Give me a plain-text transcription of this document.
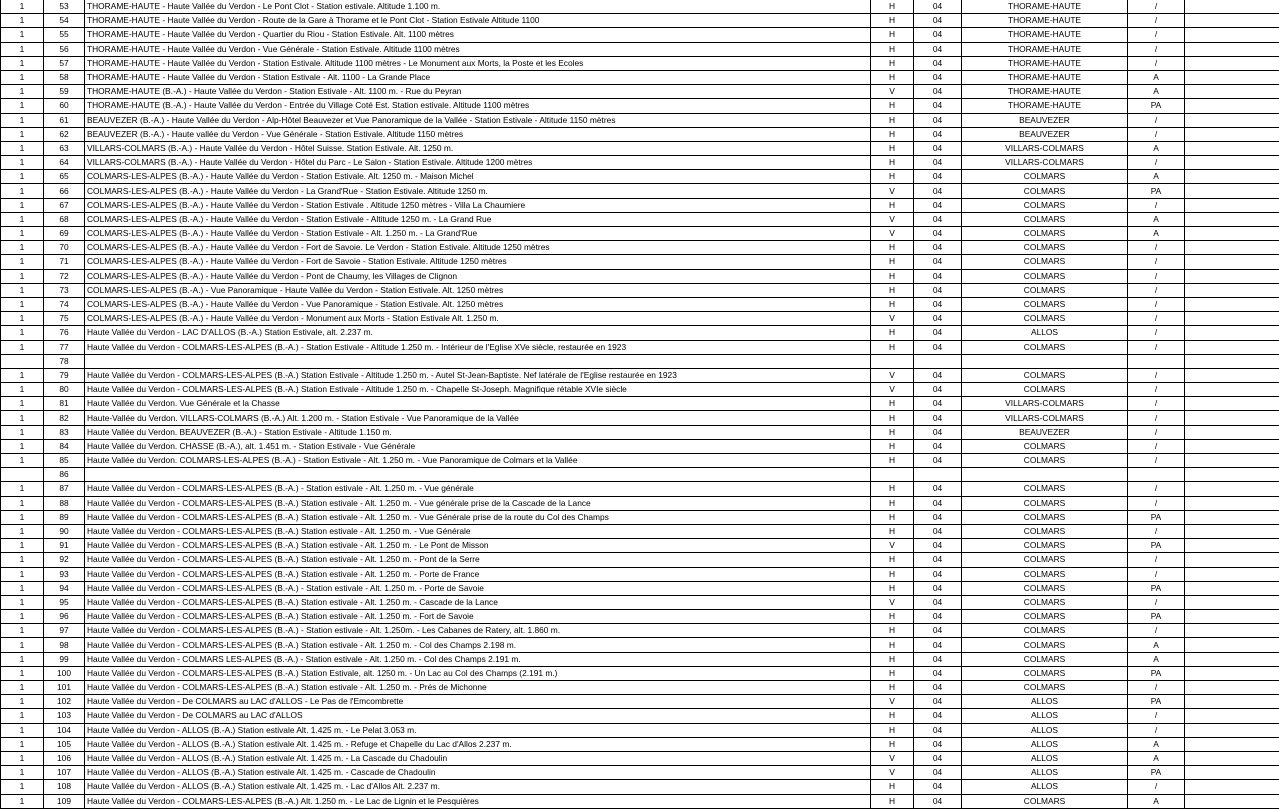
1	53	THORAME-HAUTE - Haute Vallée du Verdon - Le Pont Clot - Station estivale. Altitude 1.100 m.	H	04	THORAME-HAUTE	/	
1	54	THORAME-HAUTE - Haute Vallée du Verdon - Route de la Gare à Thorame et le Pont Clot - Station Estivale Altitude 1100	H	04	THORAME-HAUTE	/	
1	55	THORAME-HAUTE - Haute Vallée du Verdon - Quartier du Riou - Station Estivale. Alt. 1100 mètres	H	04	THORAME-HAUTE	/	
1	56	THORAME-HAUTE - Haute Vallée du Verdon - Vue Générale - Station Estivale. Altitude 1100 mètres	H	04	THORAME-HAUTE	/	
1	57	THORAME-HAUTE - Haute Vallée du Verdon - Station Estivale. Altitude 1100 mètres - Le Monument aux Morts, la Poste et les Ecoles	H	04	THORAME-HAUTE	/	
1	58	THORAME-HAUTE - Haute Vallée du Verdon - Station Estivale - Alt. 1100 - La Grande Place	H	04	THORAME-HAUTE	A	
1	59	THORAME-HAUTE (B.-A.) - Haute Vallée du Verdon - Station Estivale - Alt. 1100 m. - Rue du Peyran	V	04	THORAME-HAUTE	A	
1	60	THORAME-HAUTE (B.-A.) - Haute Vallée du Verdon - Entrée du Village Coté Est. Station estivale. Altitude 1100 mètres	H	04	THORAME-HAUTE	PA	
1	61	BEAUVEZER (B.-A.) - Haute Vallée du Verdon - Alp-Hôtel Beauvezer et Vue Panoramique de la Vallée - Station Estivale - Altitude 1150 mètres	H	04	BEAUVEZER	/	
1	62	BEAUVEZER (B.-A.) - Haute vallée du Verdon - Vue Générale - Station Estivale. Altitude 1150 mètres	H	04	BEAUVEZER	/	
1	63	VILLARS-COLMARS (B.-A.) - Haute Vallée du Verdon - Hôtel Suisse. Station Estivale. Alt. 1250 m.	H	04	VILLARS-COLMARS	A	
1	64	VILLARS-COLMARS (B.-A.) - Haute Vallée du Verdon - Hôtel du Parc - Le Salon - Station Estivale. Altitude 1200 mètres	H	04	VILLARS-COLMARS	/	
1	65	COLMARS-LES-ALPES (B.-A.) - Haute Vallée du Verdon - Station Estivale. Alt. 1250 m. - Maison Michel	H	04	COLMARS	A	
1	66	COLMARS-LES-ALPES (B.-A.) - Haute Vallée du Verdon - La Grand'Rue - Station Estivale. Altitude 1250 m.	V	04	COLMARS	PA	
1	67	COLMARS-LES-ALPES (B.-A.) - Haute Vallée du Verdon - Station Estivale . Altitude 1250 mètres - Villa La Chaumiere	H	04	COLMARS	/	
1	68	COLMARS-LES-ALPES (B.-A.) - Haute Vallée du Verdon - Station Estivale - Altitude 1250 m. - La Grand Rue	V	04	COLMARS	A	
1	69	COLMARS-LES-ALPES (B-.A.) - Haute Vallée du Verdon - Station Estivale - Alt. 1.250 m. - La Grand'Rue	V	04	COLMARS	A	
1	70	COLMARS-LES-ALPES (B.-A.) - Haute Vallée du Verdon - Fort de Savoie. Le Verdon - Station Estivale. Altitude 1250 mètres	H	04	COLMARS	/	
1	71	COLMARS-LES-ALPES (B.-A.) - Haute Vallée du Verdon - Fort de Savoie - Station Estivale. Altitude 1250 mètres	H	04	COLMARS	/	
1	72	COLMARS-LES-ALPES (B.-A.) - Haute Vallée du Verdon - Pont de Chaumy, les Villages de Clignon	H	04	COLMARS	/	
1	73	COLMARS-LES-ALPES (B.-A.) - Vue Panoramique - Haute Vallée du Verdon - Station Estivale. Alt. 1250 mètres	H	04	COLMARS	/	
1	74	COLMARS-LES-ALPES (B.-A.) - Haute Vallée du Verdon - Vue Panoramique - Station Estivale. Alt. 1250 mètres	H	04	COLMARS	/	
1	75	COLMARS-LES-ALPES (B.-A.) - Haute Vallée du Verdon - Monument aux Morts - Station Estivale Alt. 1.250 m.	V	04	COLMARS	/	
1	76	Haute Vallée du Verdon - LAC D'ALLOS (B.-A.) Station Estivale, alt. 2.237 m.	H	04	ALLOS	/	
1	77	Haute Vallée du Verdon - COLMARS-LES-ALPES (B.-A.) - Station Estivale - Altitude 1.250 m. - Intérieur de l'Eglise XVe siècle, restaurée en 1923	H	04	COLMARS	/	
	78						
1	79	Haute Vallée du Verdon - COLMARS-LES-ALPES (B.-A.) Station Estivale - Altitude 1.250 m. - Autel St-Jean-Baptiste. Nef latérale de l'Eglise restaurée en 1923	V	04	COLMARS	/	
1	80	Haute Vallée du Verdon - COLMARS-LES-ALPES (B.-A.) Station Estivale - Altitude 1.250 m. - Chapelle St-Joseph. Magnifique rétable XVIe siècle	V	04	COLMARS	/	
1	81	Haute Vallée du Verdon. Vue Générale et la Chasse	H	04	VILLARS-COLMARS	/	
1	82	Haute-Vallée du Verdon. VILLARS-COLMARS (B.-A.) Alt. 1.200 m. - Station Estivale - Vue Panoramique de la Vallée	H	04	VILLARS-COLMARS	/	
1	83	Haute Vallée du Verdon. BEAUVEZER (B.-A.) - Station Estivale - Altitude 1.150 m.	H	04	BEAUVEZER	/	
1	84	Haute Vallée du Verdon. CHASSE (B.-A.), alt. 1.451 m. - Station Estivale - Vue Générale	H	04	COLMARS	/	
1	85	Haute Vallée du Verdon. COLMARS-LES-ALPES (B.-A.) - Station Estivale - Alt. 1.250 m. - Vue Panoramique de Colmars et la Vallée	H	04	COLMARS	/	
	86						
1	87	Haute Vallée du Verdon - COLMARS-LES-ALPES (B.-A.) - Station estivale - Alt. 1.250 m. - Vue générale	H	04	COLMARS	/	
1	88	Haute Vallée du Verdon - COLMARS-LES-ALPES (B.-A.) Station estivale - Alt. 1.250 m. - Vue générale prise de la Cascade de la Lance	H	04	COLMARS	/	
1	89	Haute Vallée du Verdon - COLMARS-LES-ALPES (B.-A.) Station estivale - Alt. 1.250 m. - Vue Générale prise de la route du Col des Champs	H	04	COLMARS	PA	
1	90	Haute Vallée du Verdon - COLMARS-LES-ALPES (B.-A.) Station estivale - Alt. 1.250 m. - Vue Générale	H	04	COLMARS	/	
1	91	Haute Vallée du Verdon - COLMARS-LES-ALPES (B.-A.) Station estivale - Alt. 1.250 m. - Le Pont de Misson	V	04	COLMARS	PA	
1	92	Haute Vallée du Verdon - COLMARS-LES-ALPES (B.-A.) Station estivale - Alt. 1.250 m. - Pont de la Serre	H	04	COLMARS	/	
1	93	Haute Vallée du Verdon - COLMARS-LES-ALPES (B.-A.) Station estivale - Alt. 1.250 m. - Porte de France	H	04	COLMARS	/	
1	94	Haute Vallée du Verdon - COLMARS-LES-ALPES (B.-A.) - Station estivale - Alt. 1.250 m. - Porte de Savoie	H	04	COLMARS	PA	
1	95	Haute Vallée du Verdon - COLMARS-LES-ALPES (B.-A.) Station estivale - Alt. 1.250 m. - Cascade de la Lance	V	04	COLMARS	/	
1	96	Haute Vallée du Verdon - COLMARS-LES-ALPES (B.-A.) Station estivale - Alt. 1.250 m. - Fort de Savoie	H	04	COLMARS	PA	
1	97	Haute Vallée du Verdon - COLMARS-LES-ALPES (B.-A.) - Station estivale - Alt. 1.250m. - Les Cabanes de Ratery, alt. 1.860 m.	H	04	COLMARS	/	
1	98	Haute Vallée du Verdon - COLMARS-LES-ALPES (B.-A.) Station estivale - Alt. 1.250 m. - Col des Champs 2.198 m.	H	04	COLMARS	A	
1	99	Haute Vallée du Verdon - COLMARS LES-ALPES (B.-A.) - Station estivale - Alt. 1.250 m. - Col des Champs 2.191 m.	H	04	COLMARS	A	
1	100	Haute Vallée du Verdon - COLMARS-LES-ALPES (B.-A.) Station Estivale, alt. 1250 m. - Un Lac au Col des Champs (2.191 m.)	H	04	COLMARS	PA	
1	101	Haute Vallée du Verdon - COLMARS-LES-ALPES (B.-A.) Station estivale - Alt. 1.250 m. - Prés de Michonne	H	04	COLMARS	/	
1	102	Haute Vallée du Verdon - De COLMARS au LAC d'ALLOS - Le Pas de l'Emcombrette	V	04	ALLOS	PA	
1	103	Haute Vallée du Verdon - De COLMARS au LAC d'ALLOS	H	04	ALLOS	/	
1	104	Haute Vallée du Verdon - ALLOS (B.-A.) Station estivale Alt. 1.425 m. - Le Pelat 3.053 m.	H	04	ALLOS	/	
1	105	Haute Vallée du Verdon - ALLOS (B.-A.) Station estivale Alt. 1.425 m. - Refuge et Chapelle du Lac d'Allos 2.237 m.	H	04	ALLOS	A	
1	106	Haute Vallée du Verdon - ALLOS (B.-A.) Station estivale Alt. 1.425 m. - La Cascade du Chadoulin	V	04	ALLOS	A	
1	107	Haute Vallée du Verdon - ALLOS (B.-A.) Station estivale Alt. 1.425 m. - Cascade de Chadoulin	V	04	ALLOS	PA	
1	108	Haute Vallée du Verdon - ALLOS (B.-A.) Station estivale Alt. 1.425 m. - Lac d'Allos Alt. 2.237 m.	H	04	ALLOS	/	
1	109	Haute Vallée du Verdon - COLMARS-LES-ALPES (B.-A.) Alt. 1.250 m. - Le Lac de Lignin et le Pesquières	H	04	COLMARS	A	
